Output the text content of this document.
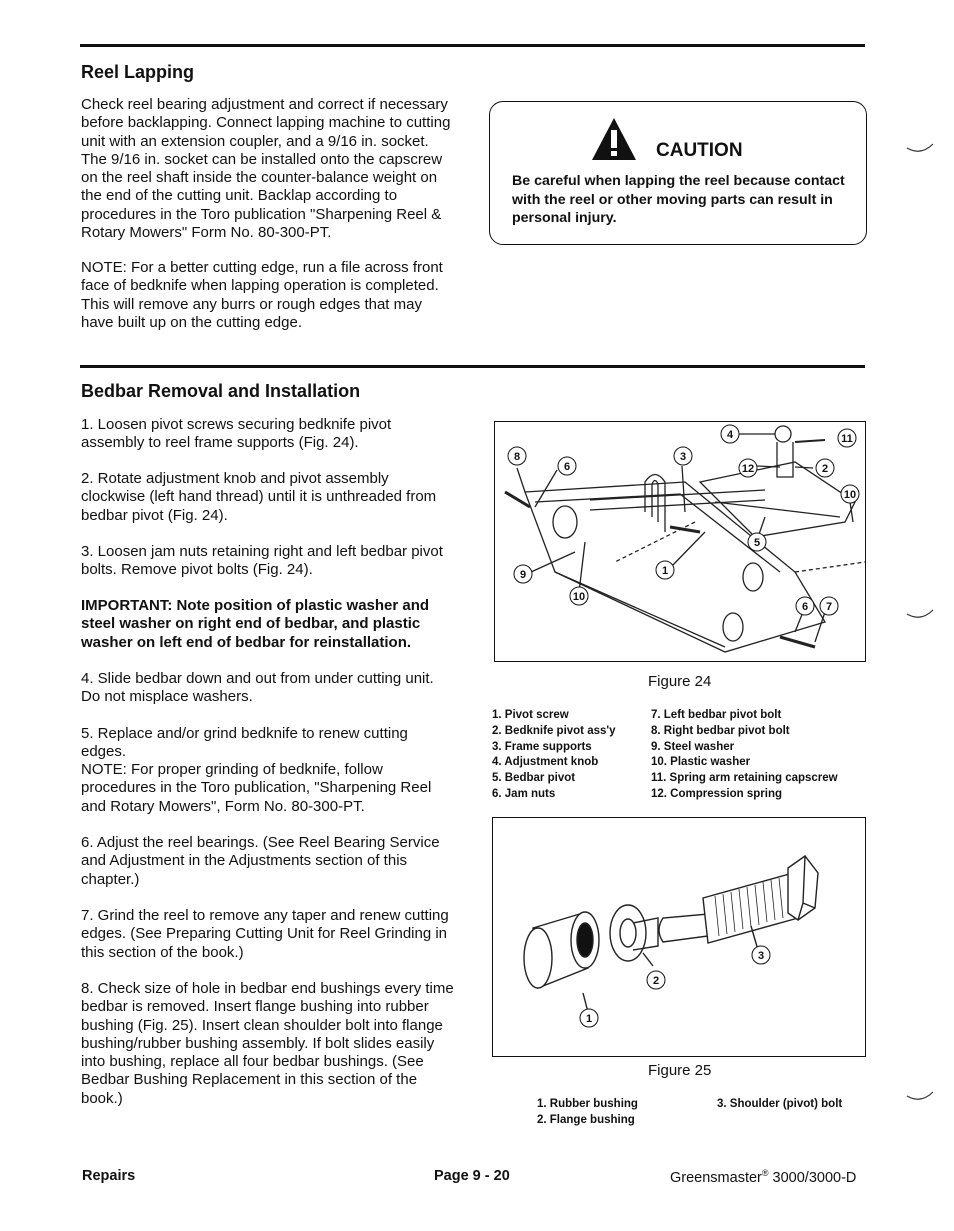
Reel Lapping

Check reel bearing adjustment and correct if necessary before backlapping. Connect lapping machine to cutting unit with an extension coupler, and a 9/16 in. socket. The 9/16 in. socket can be installed onto the capscrew on the reel shaft inside the counter-balance weight on the end of the cutting unit. Backlap according to procedures in the Toro publication "Sharpening Reel & Rotary Mowers" Form No. 80-300-PT.

NOTE: For a better cutting edge, run a file across front face of bedknife when lapping operation is completed. This will remove any burrs or rough edges that may have built up on the cutting edge.

CAUTION
Be careful when lapping the reel because contact with the reel or other moving parts can result in personal injury.
Bedbar Removal and Installation

1. Loosen pivot screws securing bedknife pivot assembly to reel frame supports (Fig. 24).

2. Rotate adjustment knob and pivot assembly clockwise (left hand thread) until it is unthreaded from bedbar pivot (Fig. 24).

3. Loosen jam nuts retaining right and left bedbar pivot bolts. Remove pivot bolts (Fig. 24).

IMPORTANT: Note position of plastic washer and steel washer on right end of bedbar, and plastic washer on left end of bedbar for reinstallation.

4. Slide bedbar down and out from under cutting unit. Do not misplace washers.

5. Replace and/or grind bedknife to renew cutting edges.

NOTE: For proper grinding of bedknife, follow procedures in the Toro publication, "Sharpening Reel and Rotary Mowers", Form No. 80-300-PT.

6. Adjust the reel bearings. (See Reel Bearing Service and Adjustment in the Adjustments section of this chapter.)

7. Grind the reel to remove any taper and renew cutting edges. (See Preparing Cutting Unit for Reel Grinding in this section of the book.)

8. Check size of hole in bedbar end bushings every time bedbar is removed. Insert flange bushing into rubber bushing (Fig. 25). Insert clean shoulder bolt into flange bushing/rubber bushing assembly. If bolt slides easily into bushing, replace all four bedbar bushings. (See Bedbar Bushing Replacement in this section of the book.)

8
6
3
4	11
12	2
10
5
9	1
10
6 7
Figure 24
1. Pivot screw
2. Bedknife pivot ass'y
3. Frame supports
4. Adjustment knob
5. Bedbar pivot
6. Jam nuts
7. Left bedbar pivot bolt
8. Right bedbar pivot bolt
9. Steel washer
10. Plastic washer
11. Spring arm retaining capscrew
12. Compression spring
1
2
3
Figure 25
1. Rubber bushing
2. Flange bushing
3. Shoulder (pivot) bolt
Repairs	Page 9 - 20	Greensmaster® 3000/3000-D
